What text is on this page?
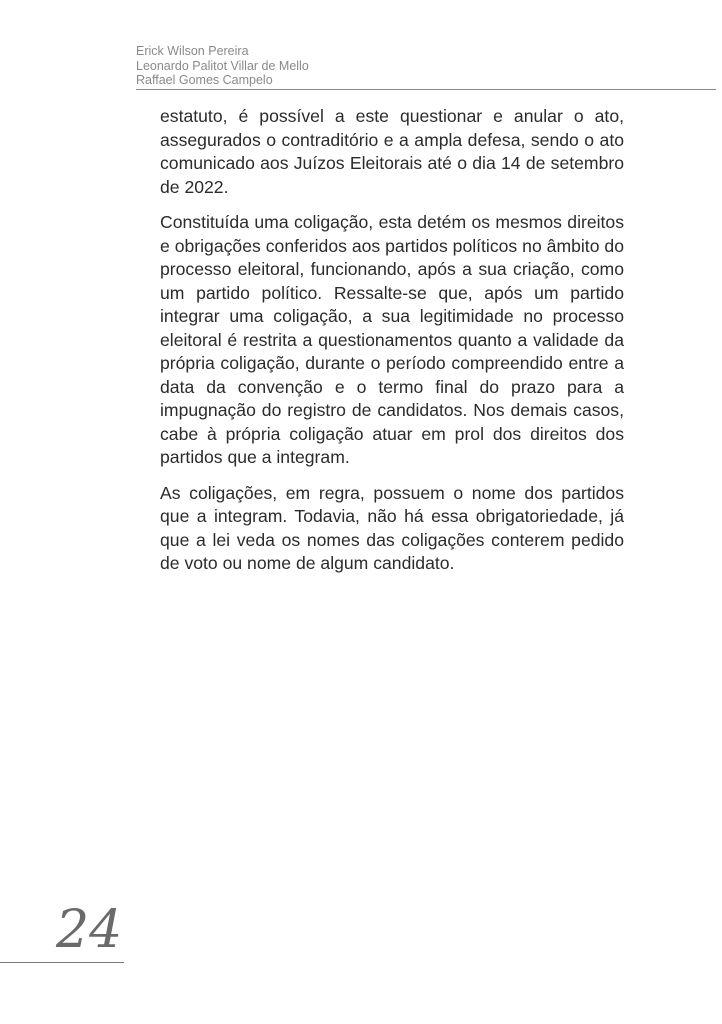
Erick Wilson Pereira
Leonardo Palitot Villar de Mello
Raffael Gomes Campelo

estatuto, é possível a este questionar e anular o ato, assegurados o contraditório e a ampla defesa, sendo o ato comunicado aos Juízos Eleitorais até o dia 14 de setembro de 2022.

Constituída uma coligação, esta detém os mesmos direitos e obrigações conferidos aos partidos políticos no âmbito do processo eleitoral, funcionando, após a sua criação, como um partido político. Ressalte-se que, após um partido integrar uma coligação, a sua legitimidade no processo eleitoral é restrita a questionamentos quanto a validade da própria coligação, durante o período compreendido entre a data da convenção e o termo final do prazo para a impugnação do registro de candidatos. Nos demais casos, cabe à própria coligação atuar em prol dos direitos dos partidos que a integram.

As coligações, em regra, possuem o nome dos partidos que a integram. Todavia, não há essa obrigatoriedade, já que a lei veda os nomes das coligações conterem pedido de voto ou nome de algum candidato.

24
